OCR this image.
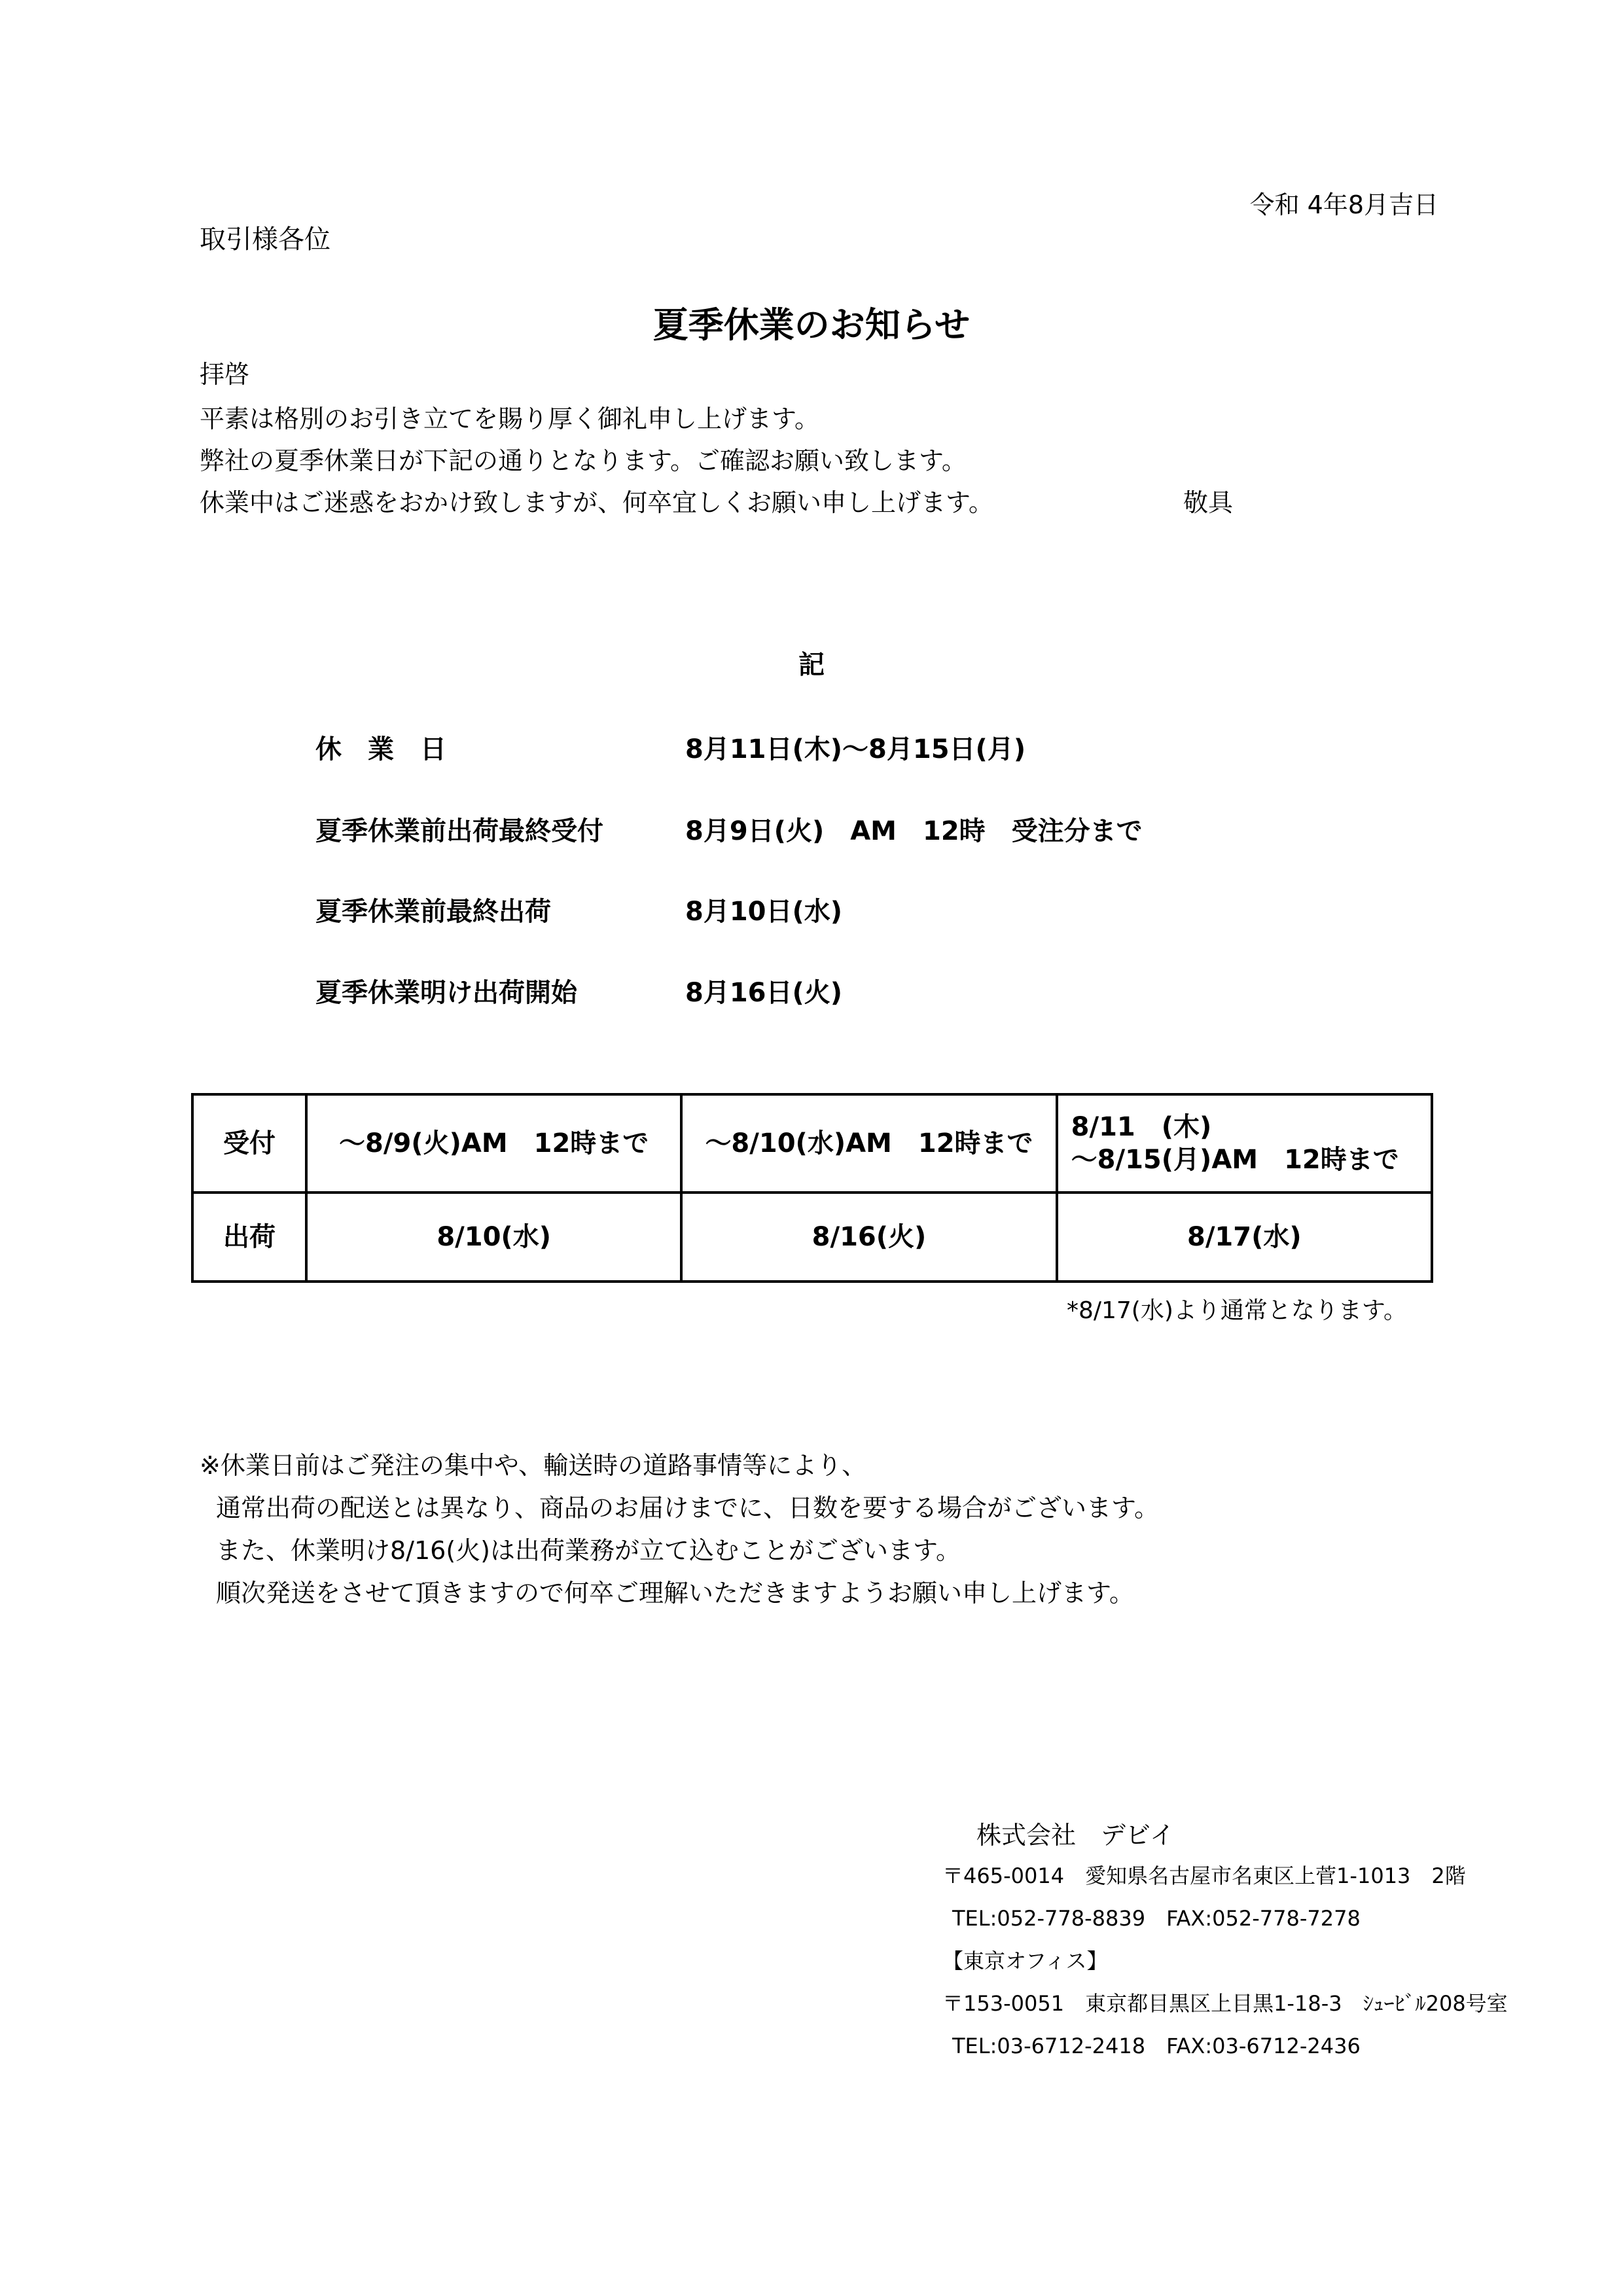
令和 4年8月吉日
取引様各位
夏季休業のお知らせ
拝啓
平素は格別のお引き立てを賜り厚く御礼申し上げます。
弊社の夏季休業日が下記の通りとなります。ご確認お願い致します。
休業中はご迷惑をおかけ致しますが、何卒宜しくお願い申し上げます。	敬具
記
休　業　日	8月11日(木)～8月15日(月)
夏季休業前出荷最終受付	8月9日(火)　AM　12時　受注分まで
夏季休業前最終出荷	8月10日(水)
夏季休業明け出荷開始	8月16日(火)
受付	～8/9(火)AM　12時まで	～8/10(水)AM　12時まで	8/11　(木)
～8/15(月)AM　12時まで

出荷	8/10(水)	8/16(火)	8/17(水)
*8/17(水)より通常となります。
※休業日前はご発注の集中や、輸送時の道路事情等により、
通常出荷の配送とは異なり、商品のお届けまでに、日数を要する場合がございます。
また、休業明け8/16(火)は出荷業務が立て込むことがございます。
順次発送をさせて頂きますので何卒ご理解いただきますようお願い申し上げます。
株式会社　デビイ
〒465-0014　愛知県名古屋市名東区上菅1-1013　2階
TEL:052-778-8839　FAX:052-778-7278
【東京オフィス】
〒153-0051　東京都目黒区上目黒1-18-3　ｼｭｰﾋﾞﾙ208号室
TEL:03-6712-2418　FAX:03-6712-2436
